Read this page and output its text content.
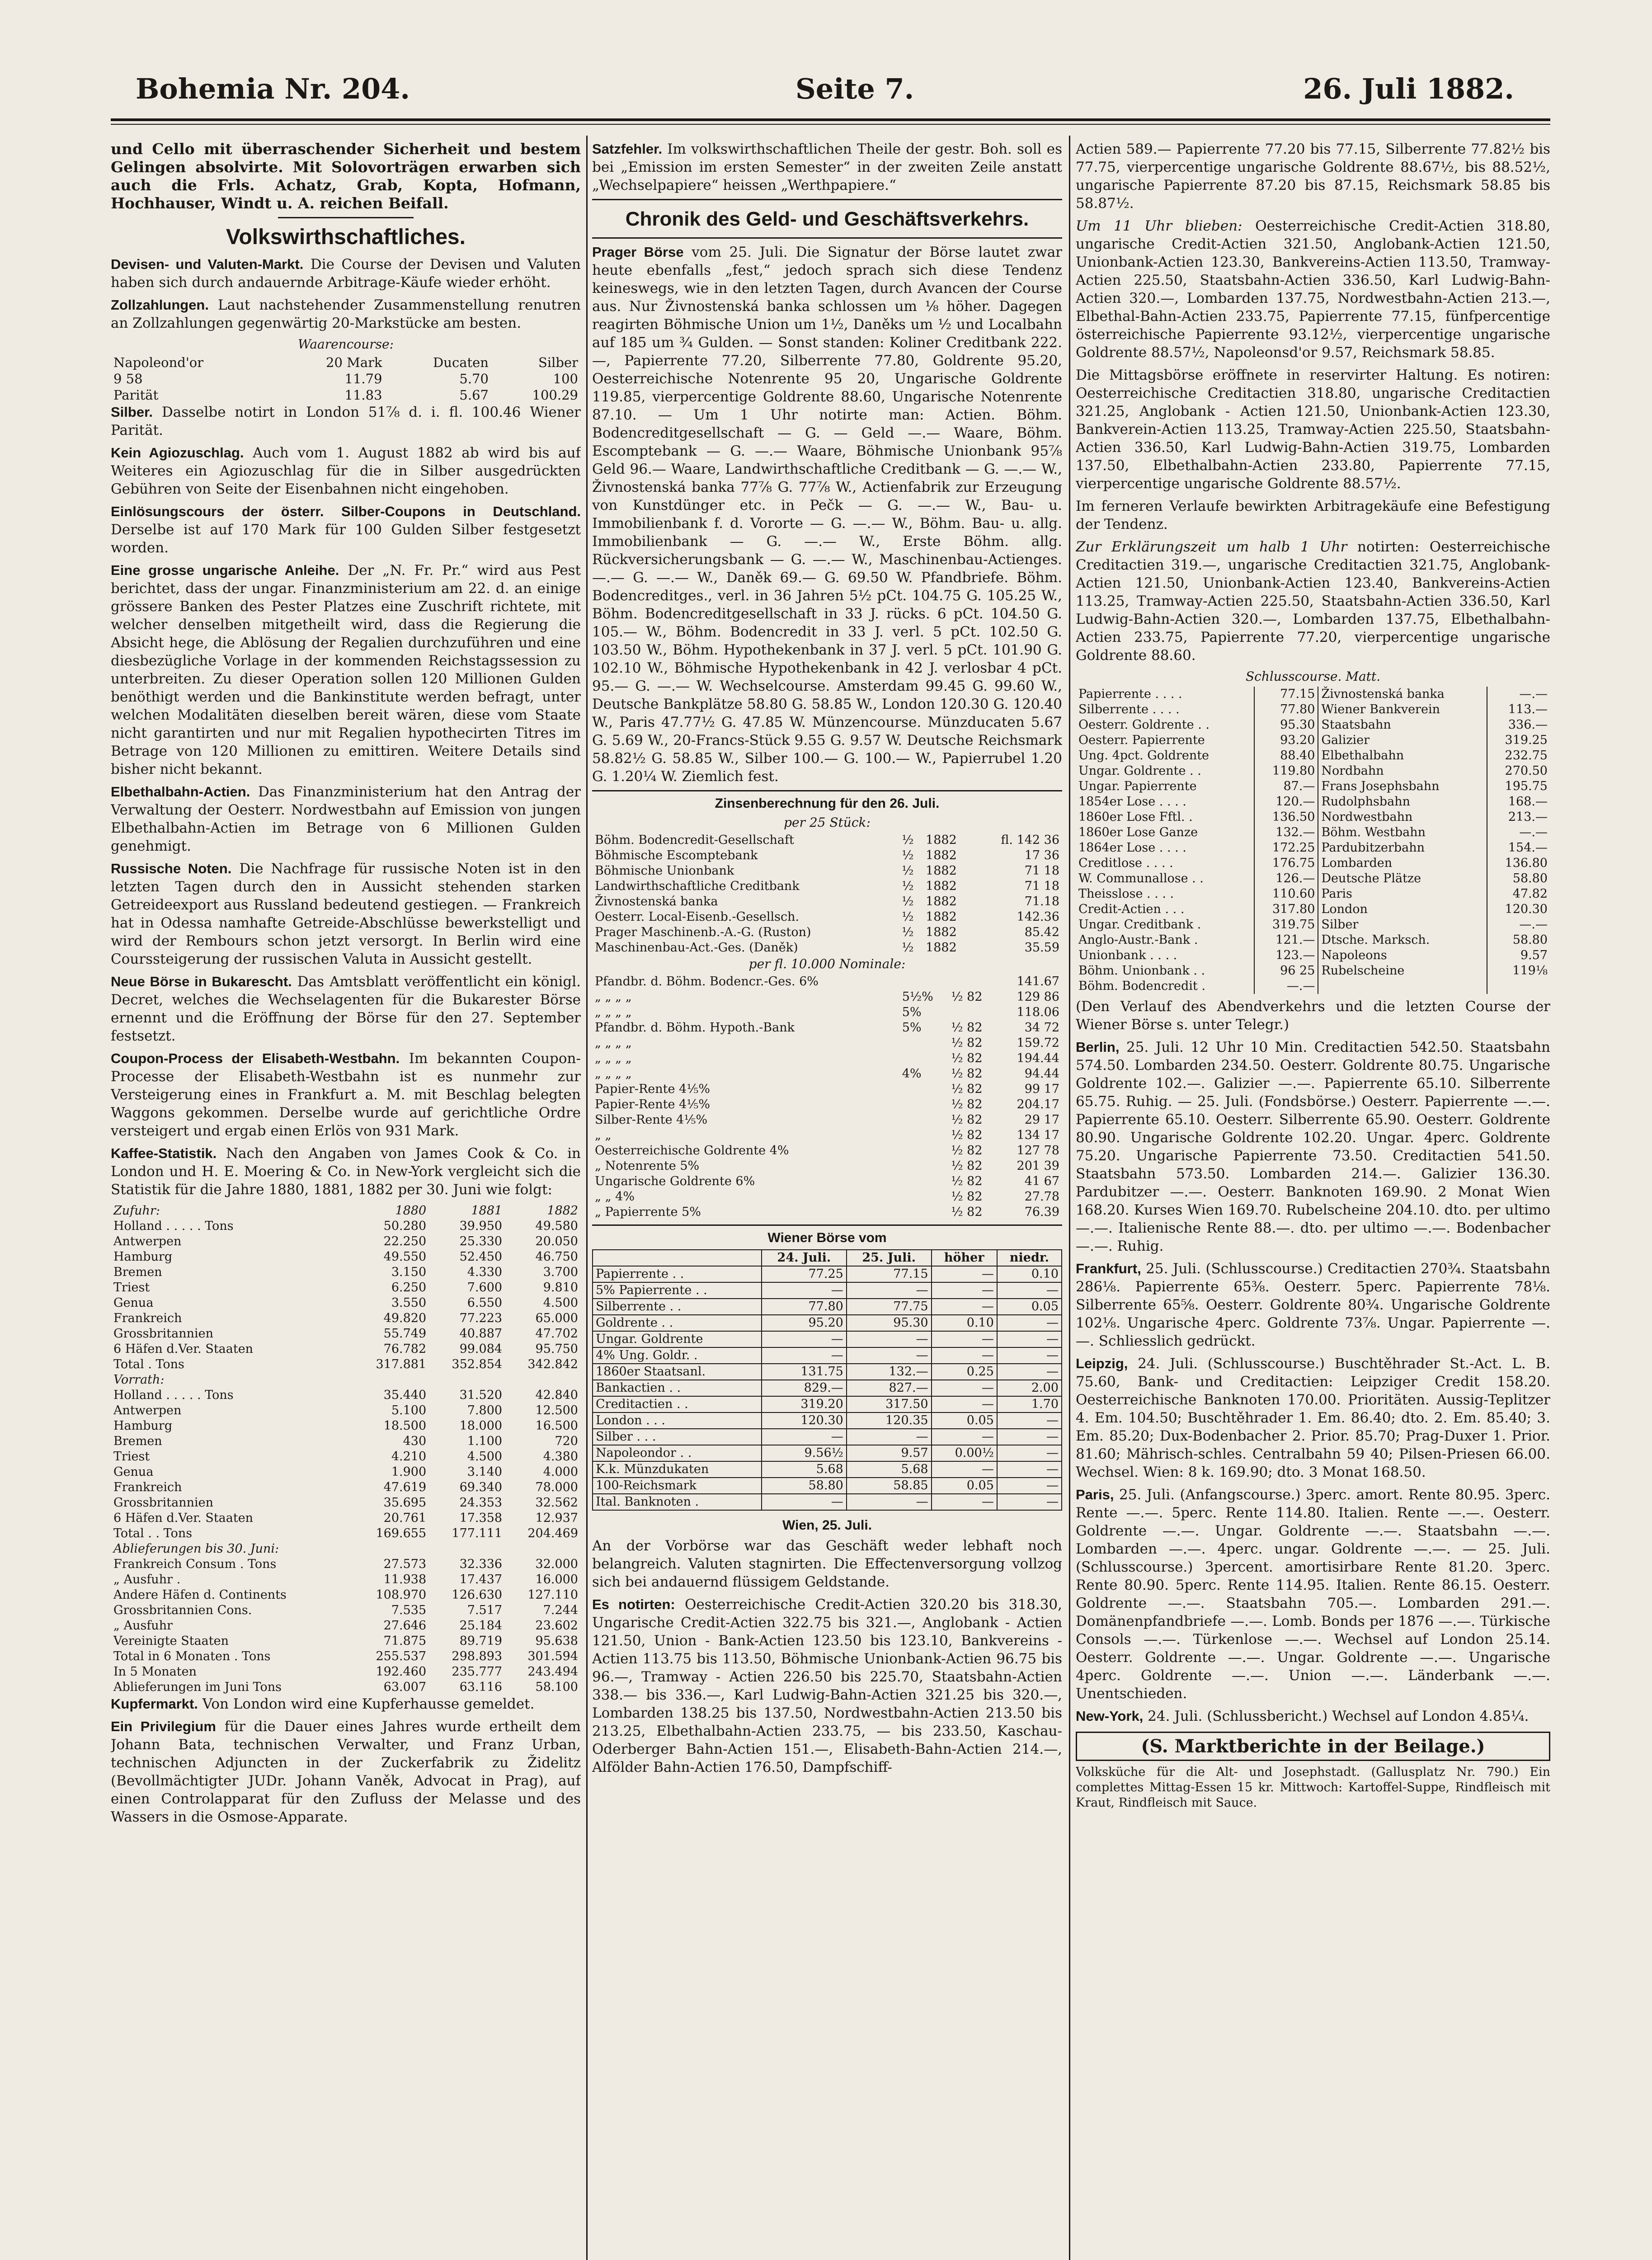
Bohemia Nr. 204.	Seite 7.	26. Juli 1882.

und Cello mit überraschender Sicherheit und bestem Gelingen absolvirte. Mit Solovorträgen erwarben sich auch die Frls. Achatz, Grab, Kopta, Hofmann, Hochhauser, Windt u. A. reichen Beifall.

Volkswirthschaftliches.

Devisen- und Valuten-Markt. Die Course der Devisen und Valuten haben sich durch andauernde Arbitrage-Käufe wieder erhöht.

Zollzahlungen. Laut nachstehender Zusammenstellung renutren an Zollzahlungen gegenwärtig 20-Markstücke am besten.

Waarencourse:
Napoleond'or	20 Mark	Ducaten	Silber
9 58	11.79	5.70	100
Parität	11.83	5.67	100.29

Silber. Dasselbe notirt in London 51⅞ d. i. fl. 100.46 Wiener Parität.

Kein Agiozuschlag. Auch vom 1. August 1882 ab wird bis auf Weiteres ein Agiozuschlag für die in Silber ausgedrückten Gebühren von Seite der Eisenbahnen nicht eingehoben.

Einlösungscours der österr. Silber-Coupons in Deutschland. Derselbe ist auf 170 Mark für 100 Gulden Silber festgesetzt worden.

Eine grosse ungarische Anleihe. Der „N. Fr. Pr.“ wird aus Pest berichtet, dass der ungar. Finanzministerium am 22. d. an einige grössere Banken des Pester Platzes eine Zuschrift richtete, mit welcher denselben mitgetheilt wird, dass die Regierung die Absicht hege, die Ablösung der Regalien durchzuführen und eine diesbezügliche Vorlage in der kommenden Reichstagssession zu unterbreiten. Zu dieser Operation sollen 120 Millionen Gulden benöthigt werden und die Bankinstitute werden befragt, unter welchen Modalitäten dieselben bereit wären, diese vom Staate nicht garantirten und nur mit Regalien hypothecirten Titres im Betrage von 120 Millionen zu emittiren. Weitere Details sind bisher nicht bekannt.

Elbethalbahn-Actien. Das Finanzministerium hat den Antrag der Verwaltung der Oesterr. Nordwestbahn auf Emission von jungen Elbethalbahn-Actien im Betrage von 6 Millionen Gulden genehmigt.

Russische Noten. Die Nachfrage für russische Noten ist in den letzten Tagen durch den in Aussicht stehenden starken Getreideexport aus Russland bedeutend gestiegen. — Frankreich hat in Odessa namhafte Getreide-Abschlüsse bewerkstelligt und wird der Rembours schon jetzt versorgt. In Berlin wird eine Courssteigerung der russischen Valuta in Aussicht gestellt.

Neue Börse in Bukarescht. Das Amtsblatt veröffentlicht ein königl. Decret, welches die Wechselagenten für die Bukarester Börse ernennt und die Eröffnung der Börse für den 27. September festsetzt.

Coupon-Process der Elisabeth-Westbahn. Im bekannten Coupon-Processe der Elisabeth-Westbahn ist es nunmehr zur Versteigerung eines in Frankfurt a. M. mit Beschlag belegten Waggons gekommen. Derselbe wurde auf gerichtliche Ordre versteigert und ergab einen Erlös von 931 Mark.

Kaffee-Statistik. Nach den Angaben von James Cook & Co. in London und H. E. Moering & Co. in New-York vergleicht sich die Statistik für die Jahre 1880, 1881, 1882 per 30. Juni wie folgt:

Zufuhr:	1880	1881	1882
Holland . . . . . Tons	50.280	39.950	49.580
Antwerpen	22.250	25.330	20.050
Hamburg	49.550	52.450	46.750
Bremen	3.150	4.330	3.700
Triest	6.250	7.600	9.810
Genua	3.550	6.550	4.500
Frankreich	49.820	77.223	65.000
Grossbritannien	55.749	40.887	47.702
6 Häfen d.Ver. Staaten	76.782	99.084	95.750
Total . Tons	317.881	352.854	342.842
Vorrath:			
Holland . . . . . Tons	35.440	31.520	42.840
Antwerpen	5.100	7.800	12.500
Hamburg	18.500	18.000	16.500
Bremen	430	1.100	720
Triest	4.210	4.500	4.380
Genua	1.900	3.140	4.000
Frankreich	47.619	69.340	78.000
Grossbritannien	35.695	24.353	32.562
6 Häfen d.Ver. Staaten	20.761	17.358	12.937
Total . . Tons	169.655	177.111	204.469
Ablieferungen bis 30. Juni:			
Frankreich Consum . Tons	27.573	32.336	32.000
„ Ausfuhr .	11.938	17.437	16.000
Andere Häfen d. Continents	108.970	126.630	127.110
Grossbritannien Cons.	7.535	7.517	7.244
„ Ausfuhr	27.646	25.184	23.602
Vereinigte Staaten	71.875	89.719	95.638
Total in 6 Monaten . Tons	255.537	298.893	301.594
In 5 Monaten	192.460	235.777	243.494
Ablieferungen im Juni Tons	63.007	63.116	58.100

Kupfermarkt. Von London wird eine Kupferhausse gemeldet.

Ein Privilegium für die Dauer eines Jahres wurde ertheilt dem Johann Bata, technischen Verwalter, und Franz Urban, technischen Adjuncten in der Zuckerfabrik zu Židelitz (Bevollmächtigter JUDr. Johann Vaněk, Advocat in Prag), auf einen Controlapparat für den Zufluss der Melasse und des Wassers in die Osmose-Apparate.

Satzfehler. Im volkswirthschaftlichen Theile der gestr. Boh. soll es bei „Emission im ersten Semester“ in der zweiten Zeile anstatt „Wechselpapiere“ heissen „Werthpapiere.“

Chronik des Geld- und Geschäftsverkehrs.

Prager Börse vom 25. Juli. Die Signatur der Börse lautet zwar heute ebenfalls „fest,“ jedoch sprach sich diese Tendenz keineswegs, wie in den letzten Tagen, durch Avancen der Course aus. Nur Živnostenská banka schlossen um ⅛ höher. Dagegen reagirten Böhmische Union um 1½, Daněks um ½ und Localbahn auf 185 um ¾ Gulden. — Sonst standen: Koliner Creditbank 222.—, Papierrente 77.20, Silberrente 77.80, Goldrente 95.20, Oesterreichische Notenrente 95 20, Ungarische Goldrente 119.85, vierpercentige Goldrente 88.60, Ungarische Notenrente 87.10. — Um 1 Uhr notirte man: Actien. Böhm. Bodencreditgesellschaft — G. — Geld —.— Waare, Böhm. Escomptebank — G. —.— Waare, Böhmische Unionbank 95⅞ Geld 96.— Waare, Landwirthschaftliche Creditbank — G. —.— W., Živnostenská banka 77⅞ G. 77⅞ W., Actienfabrik zur Erzeugung von Kunstdünger etc. in Pečk — G. —.— W., Bau- u. Immobilienbank f. d. Vororte — G. —.— W., Böhm. Bau- u. allg. Immobilienbank — G. —.— W., Erste Böhm. allg. Rückversicherungsbank — G. —.— W., Maschinenbau-Actienges. —.— G. —.— W., Daněk 69.— G. 69.50 W. Pfandbriefe. Böhm. Bodencreditges., verl. in 36 Jahren 5½ pCt. 104.75 G. 105.25 W., Böhm. Bodencreditgesellschaft in 33 J. rücks. 6 pCt. 104.50 G. 105.— W., Böhm. Bodencredit in 33 J. verl. 5 pCt. 102.50 G. 103.50 W., Böhm. Hypothekenbank in 37 J. verl. 5 pCt. 101.90 G. 102.10 W., Böhmische Hypothekenbank in 42 J. verlosbar 4 pCt. 95.— G. —.— W. Wechselcourse. Amsterdam 99.45 G. 99.60 W., Deutsche Bankplätze 58.80 G. 58.85 W., London 120.30 G. 120.40 W., Paris 47.77½ G. 47.85 W. Münzencourse. Münzducaten 5.67 G. 5.69 W., 20-Francs-Stück 9.55 G. 9.57 W. Deutsche Reichsmark 58.82½ G. 58.85 W., Silber 100.— G. 100.— W., Papierrubel 1.20 G. 1.20¼ W. Ziemlich fest.

Zinsenberechnung für den 26. Juli.
per 25 Stück:
Böhm. Bodencredit-Gesellschaft	½	1882	fl. 142 36
Böhmische Escomptebank	½	1882	17 36
Böhmische Unionbank	½	1882	71 18
Landwirthschaftliche Creditbank	½	1882	71 18
Živnostenská banka	½	1882	71.18
Oesterr. Local-Eisenb.-Gesellsch.	½	1882	142.36
Prager Maschinenb.-A.-G. (Ruston)	½	1882	85.42
Maschinenbau-Act.-Ges. (Daněk)	½	1882	35.59
per fl. 10.000 Nominale:
Pfandbr. d. Böhm. Bodencr.-Ges. 6%			141.67
„ „ „ „	5½%	½ 82	129 86
„ „ „ „	5%		118.06
Pfandbr. d. Böhm. Hypoth.-Bank	5%	½ 82	34 72
„ „ „ „		½ 82	159.72
„ „ „ „		½ 82	194.44
„ „ „ „	4%	½ 82	94.44
Papier-Rente 4⅕%		½ 82	99 17
Papier-Rente 4⅕%		½ 82	204.17
Silber-Rente 4⅕%		½ 82	29 17
„ „		½ 82	134 17
Oesterreichische Goldrente 4%		½ 82	127 78
„ Notenrente 5%		½ 82	201 39
Ungarische Goldrente 6%		½ 82	41 67
„ „ 4%		½ 82	27.78
„ Papierrente 5%		½ 82	76.39
Wiener Börse vom
	24. Juli.	25. Juli.	höher	niedr.
Papierrente . .	77.25	77.15	—	0.10
5% Papierrente . .	—	—	—	—
Silberrente . .	77.80	77.75	—	0.05
Goldrente . .	95.20	95.30	0.10	—
Ungar. Goldrente	—	—	—	—
4% Ung. Goldr. .	—	—	—	—
1860er Staatsanl.	131.75	132.—	0.25	—
Bankactien . .	829.—	827.—	—	2.00
Creditactien . .	319.20	317.50	—	1.70
London . . .	120.30	120.35	0.05	—
Silber . . .	—	—	—	—
Napoleondor . .	9.56½	9.57	0.00½	—
K.k. Münzdukaten	5.68	5.68	—	—
100-Reichsmark	58.80	58.85	0.05	—
Ital. Banknoten .	—	—	—	—
Wien, 25. Juli.

An der Vorbörse war das Geschäft weder lebhaft noch belangreich. Valuten stagnirten. Die Effectenversorgung vollzog sich bei andauernd flüssigem Geldstande.

Es notirten: Oesterreichische Credit-Actien 320.20 bis 318.30, Ungarische Credit-Actien 322.75 bis 321.—, Anglobank - Actien 121.50, Union - Bank-Actien 123.50 bis 123.10, Bankvereins - Actien 113.75 bis 113.50, Böhmische Unionbank-Actien 96.75 bis 96.—, Tramway - Actien 226.50 bis 225.70, Staatsbahn-Actien 338.— bis 336.—, Karl Ludwig-Bahn-Actien 321.25 bis 320.—, Lombarden 138.25 bis 137.50, Nordwestbahn-Actien 213.50 bis 213.25, Elbethalbahn-Actien 233.75, — bis 233.50, Kaschau-Oderberger Bahn-Actien 151.—, Elisabeth-Bahn-Actien 214.—, Alfölder Bahn-Actien 176.50, Dampfschiff-

Actien 589.— Papierrente 77.20 bis 77.15, Silberrente 77.82½ bis 77.75, vierpercentige ungarische Goldrente 88.67½, bis 88.52½, ungarische Papierrente 87.20 bis 87.15, Reichsmark 58.85 bis 58.87½.

Um 11 Uhr blieben: Oesterreichische Credit-Actien 318.80, ungarische Credit-Actien 321.50, Anglobank-Actien 121.50, Unionbank-Actien 123.30, Bankvereins-Actien 113.50, Tramway-Actien 225.50, Staatsbahn-Actien 336.50, Karl Ludwig-Bahn-Actien 320.—, Lombarden 137.75, Nordwestbahn-Actien 213.—, Elbethal-Bahn-Actien 233.75, Papierrente 77.15, fünfpercentige österreichische Papierrente 93.12½, vierpercentige ungarische Goldrente 88.57½, Napoleonsd'or 9.57, Reichsmark 58.85.

Die Mittagsbörse eröffnete in reservirter Haltung. Es notiren: Oesterreichische Creditactien 318.80, ungarische Creditactien 321.25, Anglobank - Actien 121.50, Unionbank-Actien 123.30, Bankverein-Actien 113.25, Tramway-Actien 225.50, Staatsbahn-Actien 336.50, Karl Ludwig-Bahn-Actien 319.75, Lombarden 137.50, Elbethalbahn-Actien 233.80, Papierrente 77.15, vierpercentige ungarische Goldrente 88.57½.

Im ferneren Verlaufe bewirkten Arbitragekäufe eine Befestigung der Tendenz.

Zur Erklärungszeit um halb 1 Uhr notirten: Oesterreichische Creditactien 319.—, ungarische Creditactien 321.75, Anglobank-Actien 121.50, Unionbank-Actien 123.40, Bankvereins-Actien 113.25, Tramway-Actien 225.50, Staatsbahn-Actien 336.50, Karl Ludwig-Bahn-Actien 320.—, Lombarden 137.75, Elbethalbahn-Actien 233.75, Papierrente 77.20, vierpercentige ungarische Goldrente 88.60.

Schlusscourse. Matt.
Papierrente . . . .	77.15	Živnostenská banka	—.—
Silberrente . . . .	77.80	Wiener Bankverein	113.—
Oesterr. Goldrente . .	95.30	Staatsbahn	336.—
Oesterr. Papierrente	93.20	Galizier	319.25
Ung. 4pct. Goldrente	88.40	Elbethalbahn	232.75
Ungar. Goldrente . .	119.80	Nordbahn	270.50
Ungar. Papierrente	87.—	Frans Josephsbahn	195.75
1854er Lose . . . .	120.—	Rudolphsbahn	168.—
1860er Lose Fftl. .	136.50	Nordwestbahn	213.—
1860er Lose Ganze	132.—	Böhm. Westbahn	—.—
1864er Lose . . . .	172.25	Pardubitzerbahn	154.—
Creditlose . . . .	176.75	Lombarden	136.80
W. Communallose . .	126.—	Deutsche Plätze	58.80
Theisslose . . . .	110.60	Paris	47.82
Credit-Actien . . .	317.80	London	120.30
Ungar. Creditbank .	319.75	Silber	—.—
Anglo-Austr.-Bank .	121.—	Dtsche. Marksch.	58.80
Unionbank . . . .	123.—	Napoleons	9.57
Böhm. Unionbank . .	96 25	Rubelscheine	119⅛
Böhm. Bodencredit .	—.—		

(Den Verlauf des Abendverkehrs und die letzten Course der Wiener Börse s. unter Telegr.)

Berlin, 25. Juli. 12 Uhr 10 Min. Creditactien 542.50. Staatsbahn 574.50. Lombarden 234.50. Oesterr. Goldrente 80.75. Ungarische Goldrente 102.—. Galizier —.—. Papierrente 65.10. Silberrente 65.75. Ruhig. — 25. Juli. (Fondsbörse.) Oesterr. Papierrente —.—. Papierrente 65.10. Oesterr. Silberrente 65.90. Oesterr. Goldrente 80.90. Ungarische Goldrente 102.20. Ungar. 4perc. Goldrente 75.20. Ungarische Papierrente 73.50. Creditactien 541.50. Staatsbahn 573.50. Lombarden 214.—. Galizier 136.30. Pardubitzer —.—. Oesterr. Banknoten 169.90. 2 Monat Wien 168.20. Kurses Wien 169.70. Rubelscheine 204.10. dto. per ultimo —.—. Italienische Rente 88.—. dto. per ultimo —.—. Bodenbacher —.—. Ruhig.

Frankfurt, 25. Juli. (Schlusscourse.) Creditactien 270¾. Staatsbahn 286⅛. Papierrente 65⅜. Oesterr. 5perc. Papierrente 78⅛. Silberrente 65⅝. Oesterr. Goldrente 80¾. Ungarische Goldrente 102⅛. Ungarische 4perc. Goldrente 73⅞. Ungar. Papierrente —.—. Schliesslich gedrückt.

Leipzig, 24. Juli. (Schlusscourse.) Buschtěhrader St.-Act. L. B. 75.60, Bank- und Creditactien: Leipziger Credit 158.20. Oesterreichische Banknoten 170.00. Prioritäten. Aussig-Teplitzer 4. Em. 104.50; Buschtěhrader 1. Em. 86.40; dto. 2. Em. 85.40; 3. Em. 85.20; Dux-Bodenbacher 2. Prior. 85.70; Prag-Duxer 1. Prior. 81.60; Mährisch-schles. Centralbahn 59 40; Pilsen-Priesen 66.00. Wechsel. Wien: 8 k. 169.90; dto. 3 Monat 168.50.

Paris, 25. Juli. (Anfangscourse.) 3perc. amort. Rente 80.95. 3perc. Rente —.—. 5perc. Rente 114.80. Italien. Rente —.—. Oesterr. Goldrente —.—. Ungar. Goldrente —.—. Staatsbahn —.—. Lombarden —.—. 4perc. ungar. Goldrente —.—. — 25. Juli. (Schlusscourse.) 3percent. amortisirbare Rente 81.20. 3perc. Rente 80.90. 5perc. Rente 114.95. Italien. Rente 86.15. Oesterr. Goldrente —.—. Staatsbahn 705.—. Lombarden 291.—. Domänenpfandbriefe —.—. Lomb. Bonds per 1876 —.—. Türkische Consols —.—. Türkenlose —.—. Wechsel auf London 25.14. Oesterr. Goldrente —.—. Ungar. Goldrente —.—. Ungarische 4perc. Goldrente —.—. Union —.—. Länderbank —.—. Unentschieden.

New-York, 24. Juli. (Schlussbericht.) Wechsel auf London 4.85¼.

(S. Marktberichte in der Beilage.)

Volksküche für die Alt- und Josephstadt. (Gallusplatz Nr. 790.) Ein complettes Mittag-Essen 15 kr. Mittwoch: Kartoffel-Suppe, Rindfleisch mit Kraut, Rindfleisch mit Sauce.
